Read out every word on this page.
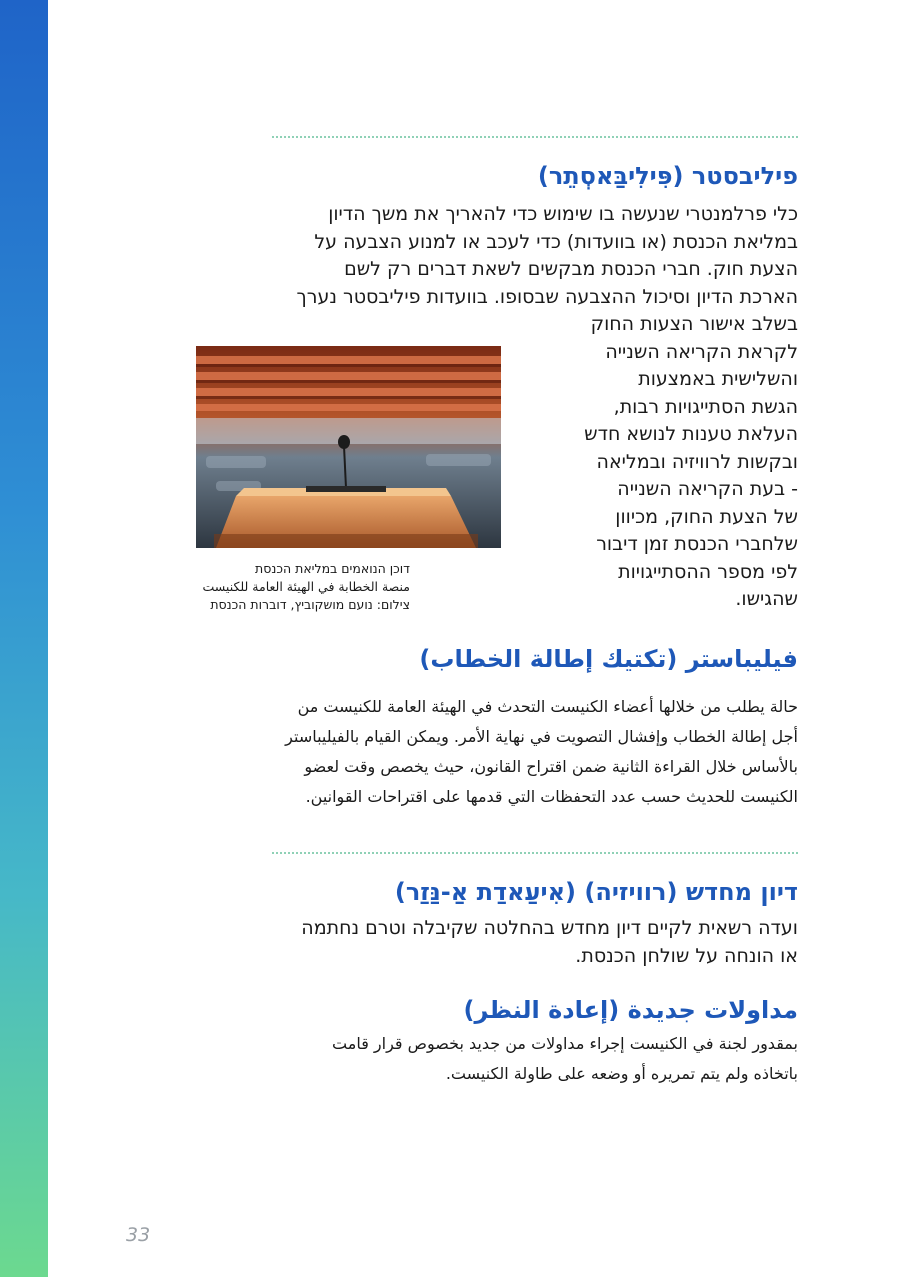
פיליבסטר (פִּילִיבַּאסְתֵר)
כלי פרלמנטרי שנעשה בו שימוש כדי להאריך את משך הדיון
במליאת הכנסת (או בוועדות) כדי לעכב או למנוע הצבעה על
הצעת חוק. חברי הכנסת מבקשים לשאת דברים רק לשם
הארכת הדיון וסיכול ההצבעה שבסופו. בוועדות פיליבסטר נערך
בשלב אישור הצעות החוק
לקראת הקריאה השנייה
והשלישית באמצעות
הגשת הסתייגויות רבות,
העלאת טענות לנושא חדש
ובקשות לרוויזיה ובמליאה
- בעת הקריאה השנייה
של הצעת החוק, מכיוון
שלחברי הכנסת זמן דיבור
לפי מספר ההסתייגויות
שהגישו.
דוכן הנואמים במליאת הכנסת
منصة الخطابة في الهيئة العامة للكنيست
צילום: נועם מושקוביץ, דוברות הכנסת
فيليباستر (تكتيك إطالة الخطاب)
حالة يطلب من خلالها أعضاء الكنيست التحدث في الهيئة العامة للكنيست من
أجل إطالة الخطاب وإفشال التصويت في نهاية الأمر. ويمكن القيام بالفيليباستر
بالأساس خلال القراءة الثانية ضمن اقتراح القانون، حيث يخصص وقت لعضو
الكنيست للحديث حسب عدد التحفظات التي قدمها على اقتراحات القوانين.
דיון מחדש (רוויזיה) (אִיעַאדַת אַ-נַּזַר)
ועדה רשאית לקיים דיון מחדש בהחלטה שקיבלה וטרם נחתמה
או הונחה על שולחן הכנסת.
مداولات جديدة (إعادة النظر)
بمقدور لجنة في الكنيست إجراء مداولات من جديد بخصوص قرار قامت
باتخاذه ولم يتم تمريره أو وضعه على طاولة الكنيست.
33
